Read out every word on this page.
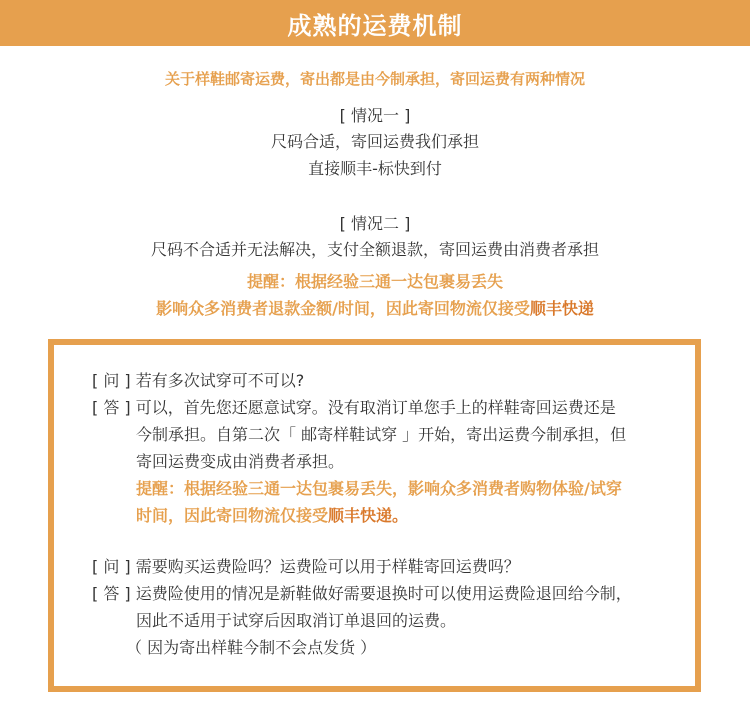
成熟的运费机制
关于样鞋邮寄运费，寄出都是由今制承担，寄回运费有两种情况
[ 情况一 ]
尺码合适，寄回运费我们承担
直接顺丰-标快到付
[ 情况二 ]
尺码不合适并无法解决，支付全额退款，寄回运费由消费者承担
提醒：根据经验三通一达包裹易丢失
影响众多消费者退款金额/时间，因此寄回物流仅接受顺丰快递
[ 问 ] 若有多次试穿可不可以?
[ 答 ] 可以，首先您还愿意试穿。没有取消订单您手上的样鞋寄回运费还是
今制承担。自第二次「 邮寄样鞋试穿 」开始，寄出运费今制承担，但
寄回运费变成由消费者承担。
提醒：根据经验三通一达包裹易丢失，影响众多消费者购物体验/试穿
时间，因此寄回物流仅接受顺丰快递。
[ 问 ] 需要购买运费险吗？运费险可以用于样鞋寄回运费吗？
[ 答 ] 运费险使用的情况是新鞋做好需要退换时可以使用运费险退回给今制，
因此不适用于试穿后因取消订单退回的运费。
（ 因为寄出样鞋今制不会点发货 ）
